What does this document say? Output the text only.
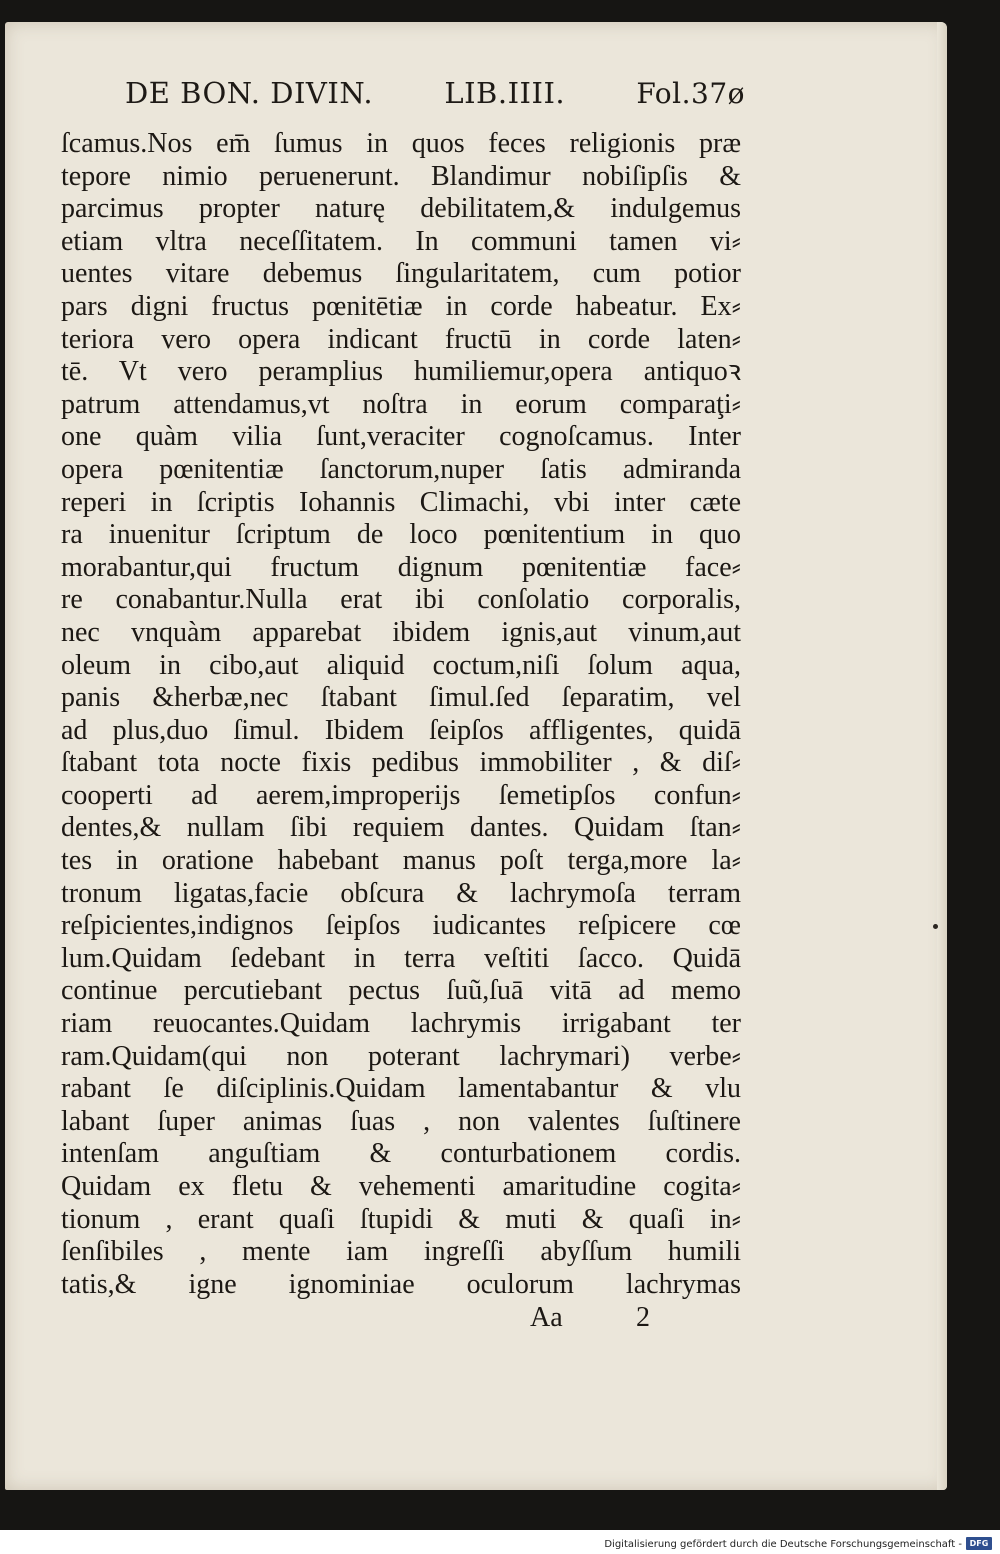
DE BON. DIVIN. LIB.IIII.	Fol.37ø
ſcamus.Nos em̄ ſumus in quos feces religionis præ
tepore nimio peruenerunt. Blandimur nobiſipſis &
parcimus propter naturę debilitatem,& indulgemus
etiam vltra neceſſitatem. In communi tamen vi⸗
uentes vitare debemus ſingularitatem, cum potior
pars digni fructus pœnitētiæ in corde habeatur. Ex⸗
teriora vero opera indicant fructū in corde laten⸗
tē. Vt vero peramplius humiliemur,opera antiquoꝛ
patrum attendamus,vt noſtra in eorum comparaţi⸗
one quàm vilia ſunt,veraciter cognoſcamus. Inter
opera pœnitentiæ ſanctorum,nuper ſatis admiranda
reperi in ſcriptis Iohannis Climachi, vbi inter cæte
ra inuenitur ſcriptum de loco pœnitentium in quo
morabantur,qui fructum dignum pœnitentiæ face⸗
re conabantur.Nulla erat ibi conſolatio corporalis,
nec vnquàm apparebat ibidem ignis,aut vinum,aut
oleum in cibo,aut aliquid coctum,niſi ſolum aqua,
panis &herbæ,nec ſtabant ſimul.ſed ſeparatim, vel
ad plus,duo ſimul. Ibidem ſeipſos affligentes, quidā
ſtabant tota nocte fixis pedibus immobiliter , & diſ⸗
cooperti ad aerem,improperijs ſemetipſos confun⸗
dentes,& nullam ſibi requiem dantes. Quidam ſtan⸗
tes in oratione habebant manus poſt terga,more la⸗
tronum ligatas,facie obſcura & lachrymoſa terram
reſpicientes,indignos ſeipſos iudicantes reſpicere cœ
lum.Quidam ſedebant in terra veſtiti ſacco. Quidā
continue percutiebant pectus ſuũ,ſuā vitā ad memo
riam reuocantes.Quidam lachrymis irrigabant ter
ram.Quidam(qui non poterant lachrymari) verbe⸗
rabant ſe diſciplinis.Quidam lamentabantur & vlu
labant ſuper animas ſuas , non valentes ſuſtinere
intenſam anguſtiam & conturbationem cordis.
Quidam ex fletu & vehementi amaritudine cogita⸗
tionum , erant quaſi ſtupidi & muti & quaſi in⸗
ſenſibiles , mente iam ingreſſi abyſſum humili
tatis,& igne ignominiae oculorum lachrymas
Aa	2
Digitalisierung gefördert durch die Deutsche Forschungsgemeinschaft - DFG
